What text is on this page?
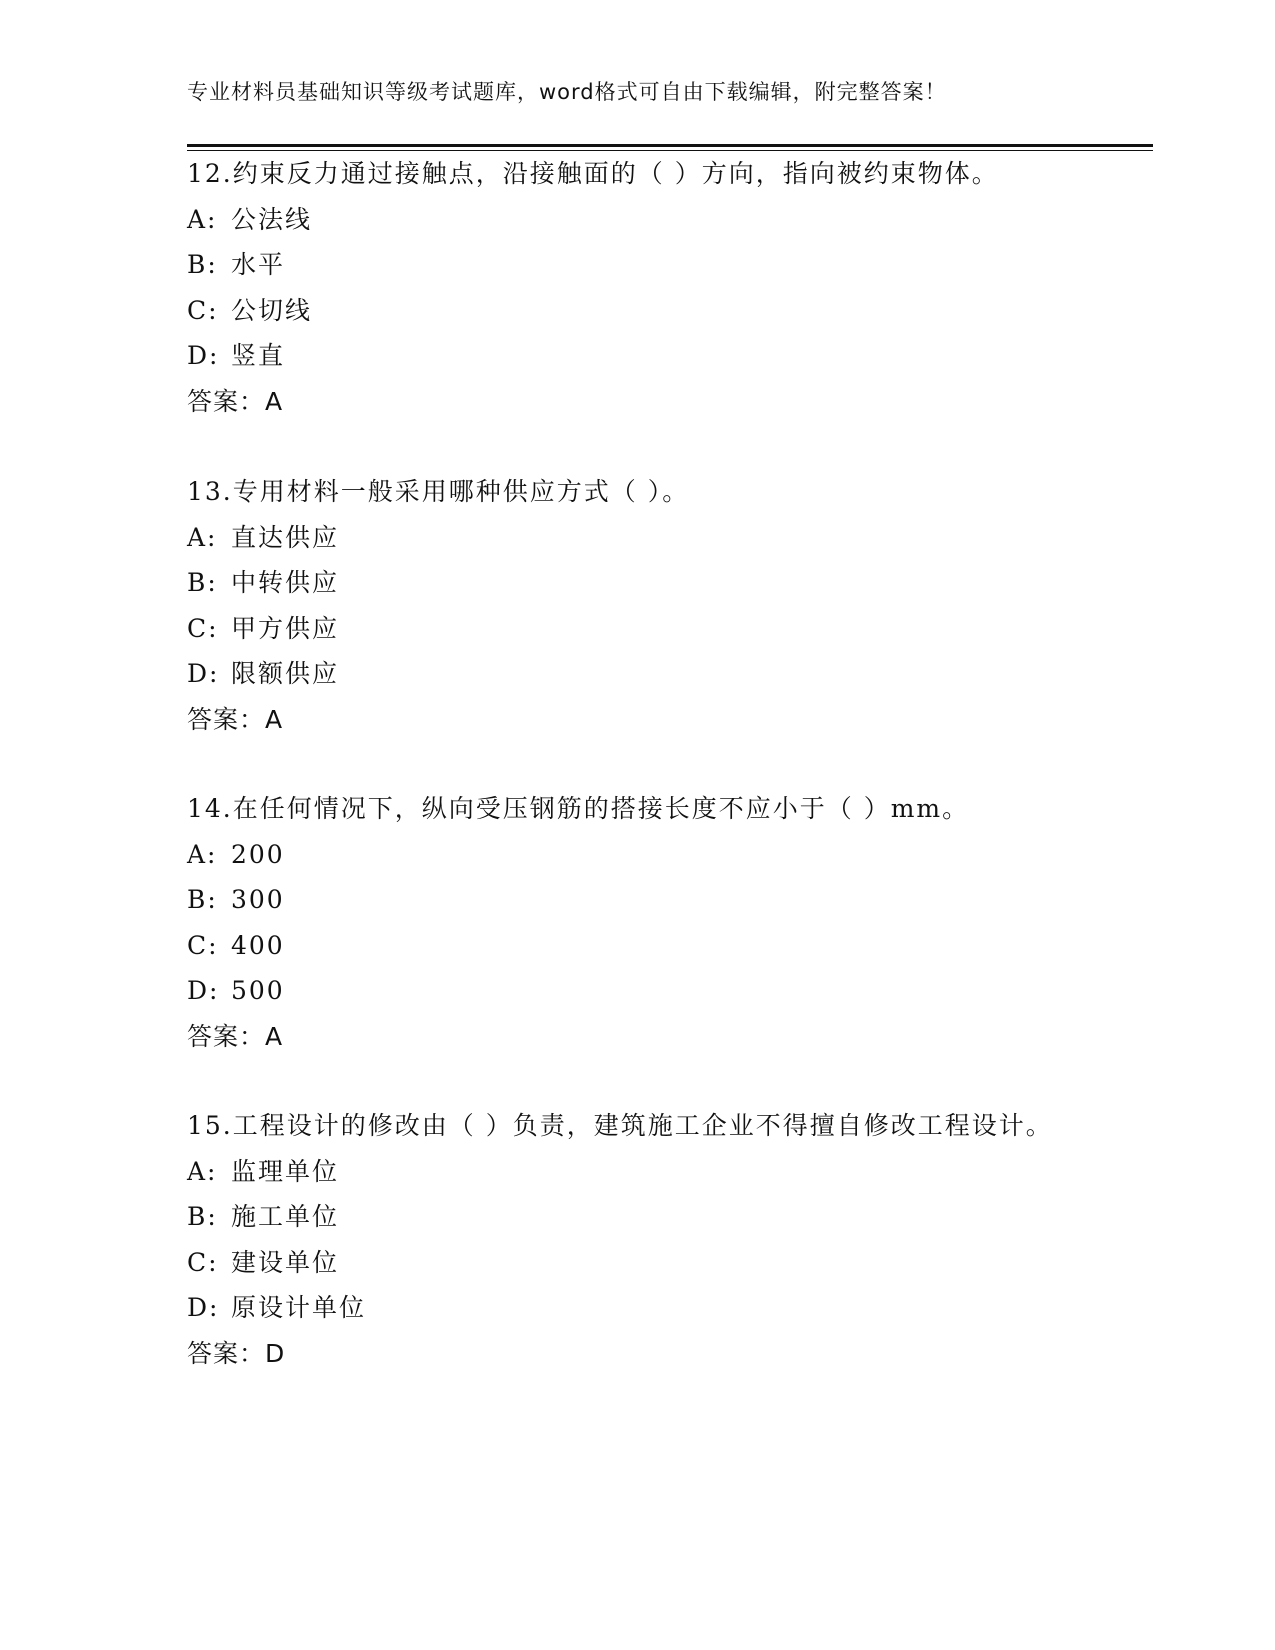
专业材料员基础知识等级考试题库，word格式可自由下载编辑，附完整答案！
12.约束反力通过接触点，沿接触面的（ ）方向，指向被约束物体。
A: 公法线
B: 水平
C: 公切线
D: 竖直
答案：A
13.专用材料一般采用哪种供应方式（ ）。
A: 直达供应
B: 中转供应
C: 甲方供应
D: 限额供应
答案：A
14.在任何情况下，纵向受压钢筋的搭接长度不应小于（ ）mm。
A: 200
B: 300
C: 400
D: 500
答案：A
15.工程设计的修改由（ ）负责，建筑施工企业不得擅自修改工程设计。
A: 监理单位
B: 施工单位
C: 建设单位
D: 原设计单位
答案：D
